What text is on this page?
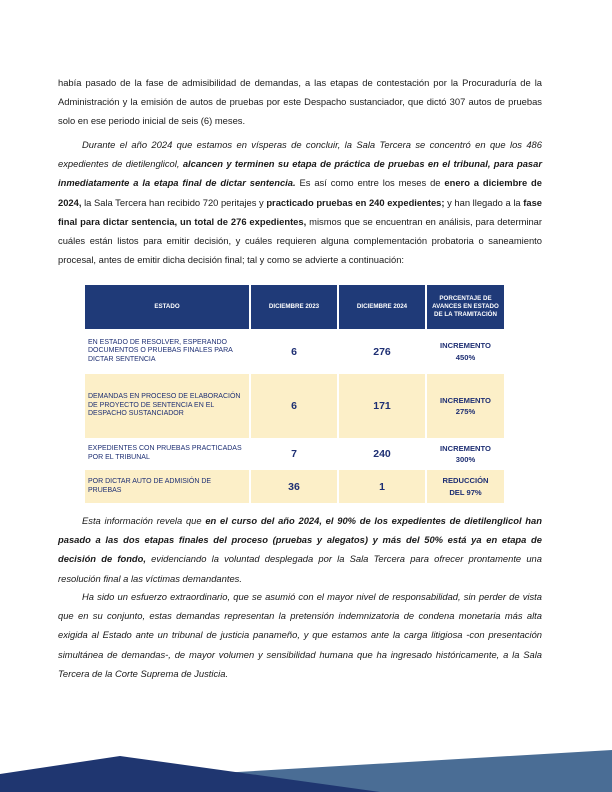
había pasado de la fase de admisibilidad de demandas, a las etapas de contestación por la Procuraduría de la Administración y la emisión de autos de pruebas por este Despacho sustanciador, que dictó 307 autos de pruebas solo en ese periodo inicial de seis (6) meses.

Durante el año 2024 que estamos en vísperas de concluir, la Sala Tercera se concentró en que los 486 expedientes de dietilenglicol, alcancen y terminen su etapa de práctica de pruebas en el tribunal, para pasar inmediatamente a la etapa final de dictar sentencia. Es así como entre los meses de enero a diciembre de 2024, la Sala Tercera han recibido 720 peritajes y practicado pruebas en 240 expedientes; y han llegado a la fase final para dictar sentencia, un total de 276 expedientes, mismos que se encuentran en análisis, para determinar cuáles están listos para emitir decisión, y cuáles requieren alguna complementación probatoria o saneamiento procesal, antes de emitir dicha decisión final; tal y como se advierte a continuación:

ESTADO	DICIEMBRE 2023	DICIEMBRE 2024	PORCENTAJE DE AVANCES EN ESTADO DE LA TRAMITACIÓN
EN ESTADO DE RESOLVER, ESPERANDO DOCUMENTOS O PRUEBAS FINALES PARA DICTAR SENTENCIA	6	276	INCREMENTO
450%
DEMANDAS EN PROCESO DE ELABORACIÓN DE PROYECTO DE SENTENCIA EN EL DESPACHO SUSTANCIADOR	6	171	INCREMENTO
275%
EXPEDIENTES CON PRUEBAS PRACTICADAS POR EL TRIBUNAL	7	240	INCREMENTO
300%
POR DICTAR AUTO DE ADMISIÓN DE PRUEBAS	36	1	REDUCCIÓN
DEL 97%

Esta información revela que en el curso del año 2024, el 90% de los expedientes de dietilenglicol han pasado a las dos etapas finales del proceso (pruebas y alegatos) y más del 50% está ya en etapa de decisión de fondo, evidenciando la voluntad desplegada por la Sala Tercera para ofrecer prontamente una resolución final a las víctimas demandantes.

Ha sido un esfuerzo extraordinario, que se asumió con el mayor nivel de responsabilidad, sin perder de vista que en su conjunto, estas demandas representan la pretensión indemnizatoria de condena monetaria más alta exigida al Estado ante un tribunal de justicia panameño, y que estamos ante la carga litigiosa -con presentación simultánea de demandas-, de mayor volumen y sensibilidad humana que ha ingresado históricamente, a la Sala Tercera de la Corte Suprema de Justicia.
